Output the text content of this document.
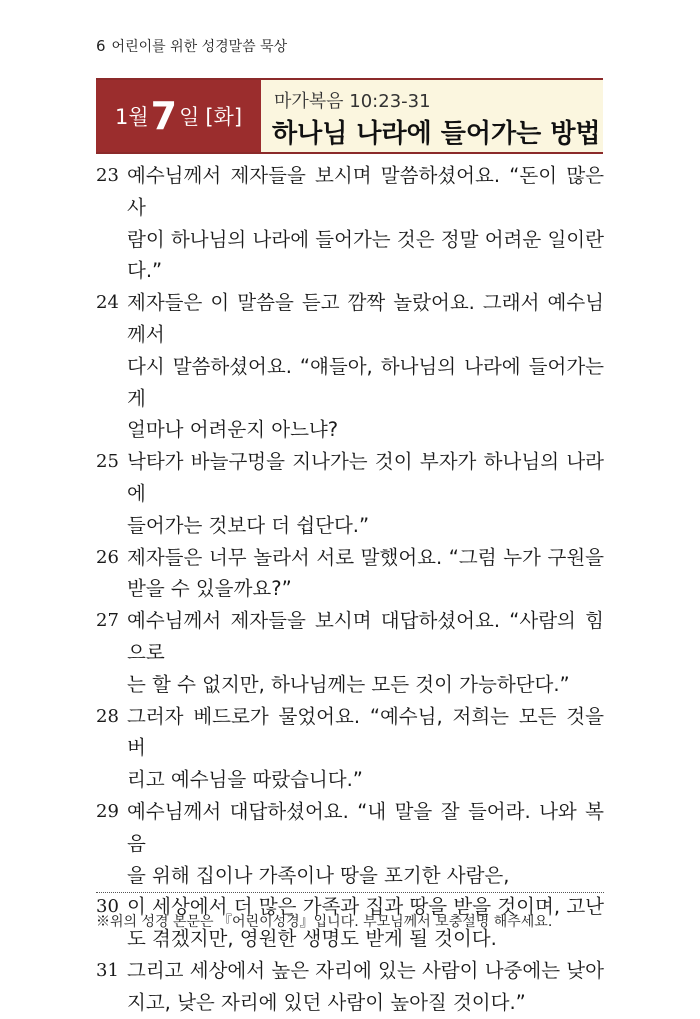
6 어린이를 위한 성경말씀 묵상
1월 7 일 [화]
마가복음 10:23-31
하나님 나라에 들어가는 방법
23 예수님께서 제자들을 보시며 말씀하셨어요. “돈이 많은 사
람이 하나님의 나라에 들어가는 것은 정말 어려운 일이란
다.”
24 제자들은 이 말씀을 듣고 깜짝 놀랐어요. 그래서 예수님께서
다시 말씀하셨어요. “얘들아, 하나님의 나라에 들어가는 게
얼마나 어려운지 아느냐?
25 낙타가 바늘구멍을 지나가는 것이 부자가 하나님의 나라에
들어가는 것보다 더 쉽단다.”
26 제자들은 너무 놀라서 서로 말했어요. “그럼 누가 구원을
받을 수 있을까요?”
27 예수님께서 제자들을 보시며 대답하셨어요. “사람의 힘으로
는 할 수 없지만, 하나님께는 모든 것이 가능하단다.”
28 그러자 베드로가 물었어요. “예수님, 저희는 모든 것을 버
리고 예수님을 따랐습니다.”
29 예수님께서 대답하셨어요. “내 말을 잘 들어라. 나와 복음
을 위해 집이나 가족이나 땅을 포기한 사람은,
30 이 세상에서 더 많은 가족과 집과 땅을 받을 것이며, 고난
도 겪겠지만, 영원한 생명도 받게 될 것이다.
31 그리고 세상에서 높은 자리에 있는 사람이 나중에는 낮아
지고, 낮은 자리에 있던 사람이 높아질 것이다.”
※위의 성경 본문은 『어린이성경』입니다. 부모님께서 보충설명 해주세요.
